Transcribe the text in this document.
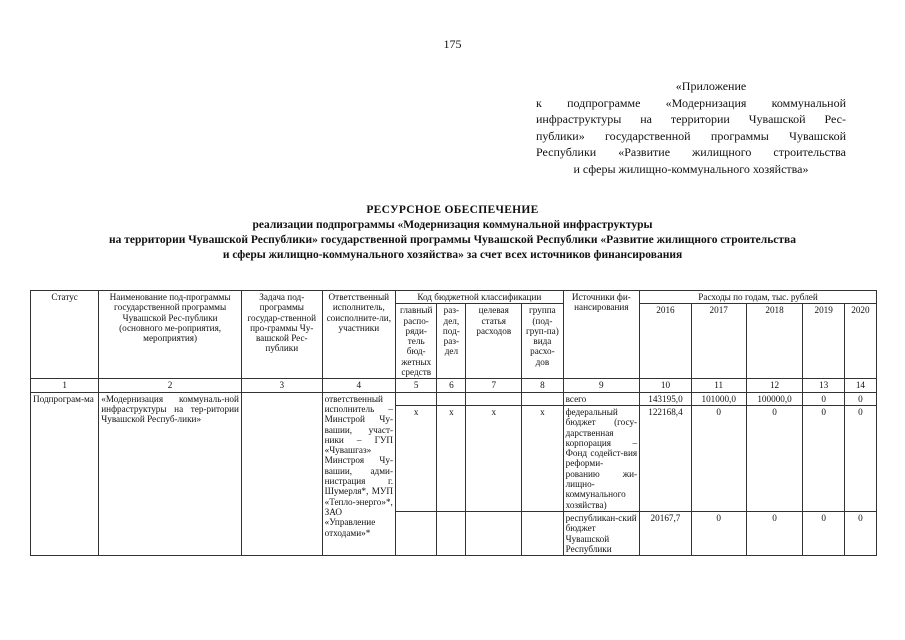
175
«Приложение
к подпрограмме «Модернизация коммунальной
инфраструктуры на территории Чувашской Рес-
публики» государственной программы Чувашской
Республики «Развитие жилищного строительства
и сферы жилищно-коммунального хозяйства»
РЕСУРСНОЕ ОБЕСПЕЧЕНИЕ
реализации подпрограммы «Модернизация коммунальной инфраструктуры
на территории Чувашской Республики» государственной программы Чувашской Республики «Развитие жилищного строительства
и сферы жилищно-коммунального хозяйства» за счет всех источников финансирования
Статус	Наименование под-программы государственной программы Чувашской Рес-публики (основного ме-роприятия, мероприятия)	Задача под-программы государ-ственной про-граммы Чу-вашской Рес-публики	Ответственный исполнитель, соисполните-ли, участники	Код бюджетной классификации				Источники фи-нансирования	Расходы по годам, тыс. рублей				
				главный распо-ряди-тель бюд-жетных средств	раз-дел, под-раз-дел	целевая статья расходов	группа (под-груп-па) вида расхо-дов		2016	2017	2018	2019	2020
1	2	3	4	5	6	7	8	9	10	11	12	13	14
Подпрограм-ма	«Модернизация коммуналь-ной инфраструктуры на тер-ритории Чувашской Респуб-лики»		ответственный исполнитель – Минстрой Чу-вашии, участ-ники – ГУП «Чувашгаз» Минстроя Чу-вашии, адми-нистрация г. Шумерля*, МУП «Тепло-энерго»*, ЗАО «Управление отходами»*					всего	143195,0	101000,0	100000,0	0	0
				x	x	x	x	федеральный бюджет (госу-дарственная корпорация – Фонд содейст-вия реформи-рованию жи-лищно-коммунального хозяйства)	122168,4	0	0	0	0
								республикан-ский бюджет Чувашской Республики	20167,7	0	0	0	0
